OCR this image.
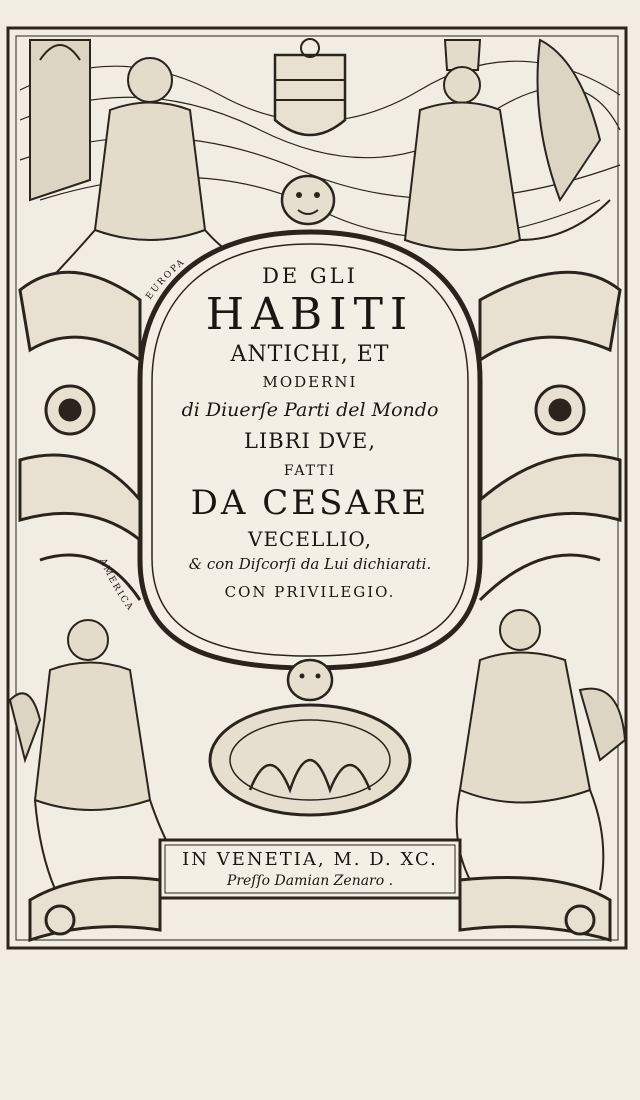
EUROPA
AMERICA
DE GLI
HABITI
ANTICHI, ET
MODERNI
di Diuerſe Parti del Mondo
LIBRI DVE,
FATTI
DA CESARE
VECELLIO,
& con Diſcorſi da Lui dichiarati.
CON PRIVILEGIO.
IN VENETIA, M. D. XC.
Preſſo Damian Zenaro .
